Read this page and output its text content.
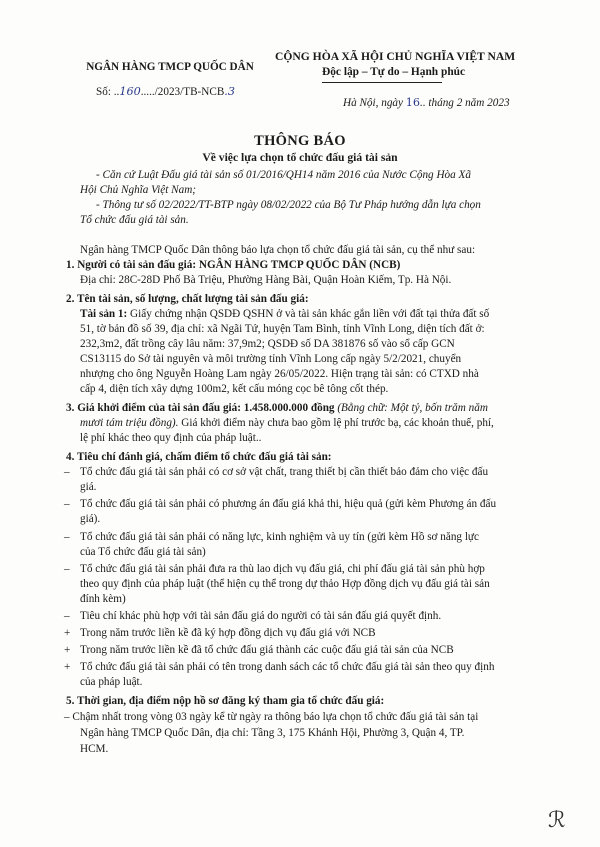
NGÂN HÀNG TMCP QUỐC DÂN
Số: ..160...../2023/TB-NCB.3
CỘNG HÒA XÃ HỘI CHỦ NGHĨA VIỆT NAM
Độc lập – Tự do – Hạnh phúc
Hà Nội, ngày 16.. tháng 2 năm 2023
THÔNG BÁO
Về việc lựa chọn tổ chức đấu giá tài sản
- Căn cứ Luật Đấu giá tài sản số 01/2016/QH14 năm 2016 của Nước Cộng Hòa Xã
Hội Chủ Nghĩa Việt Nam;
- Thông tư số 02/2022/TT-BTP ngày 08/02/2022 của Bộ Tư Pháp hướng dẫn lựa chọn
Tổ chức đấu giá tài sản.
Ngân hàng TMCP Quốc Dân thông báo lựa chọn tổ chức đấu giá tài sản, cụ thể như sau:
1. Người có tài sản đấu giá: NGÂN HÀNG TMCP QUỐC DÂN (NCB)
Địa chỉ: 28C-28D Phố Bà Triệu, Phường Hàng Bài, Quận Hoàn Kiếm, Tp. Hà Nội.
2. Tên tài sản, số lượng, chất lượng tài sản đấu giá:
Tài sản 1: Giấy chứng nhận QSDĐ QSHN ở và tài sản khác gắn liền với đất tại thửa đất số
51, tờ bản đồ số 39, địa chỉ: xã Ngãi Tứ, huyện Tam Bình, tỉnh Vĩnh Long, diện tích đất ở:
232,3m2, đất trồng cây lâu năm: 37,9m2; QSDĐ số DA 381876 số vào sổ cấp GCN
CS13115 do Sở tài nguyên và môi trường tỉnh Vĩnh Long cấp ngày 5/2/2021, chuyển
nhượng cho ông Nguyễn Hoàng Lam ngày 26/05/2022. Hiện trạng tài sản: có CTXD nhà
cấp 4, diện tích xây dựng 100m2, kết cấu móng cọc bê tông cốt thép.
3. Giá khởi điểm của tài sản đấu giá: 1.458.000.000 đồng (Bằng chữ: Một tỷ, bốn trăm năm
mươi tám triệu đồng). Giá khởi điểm này chưa bao gồm lệ phí trước bạ, các khoản thuế, phí,
lệ phí khác theo quy định của pháp luật..
4. Tiêu chí đánh giá, chấm điểm tổ chức đấu giá tài sản:
– Tổ chức đấu giá tài sản phải có cơ sở vật chất, trang thiết bị cần thiết bảo đảm cho việc đấu
giá.
– Tổ chức đấu giá tài sản phải có phương án đấu giá khả thi, hiệu quả (gửi kèm Phương án đấu
giá).
– Tổ chức đấu giá tài sản phải có năng lực, kinh nghiệm và uy tín (gửi kèm Hồ sơ năng lực
của Tổ chức đấu giá tài sản)
– Tổ chức đấu giá tài sản phải đưa ra thù lao dịch vụ đấu giá, chi phí đấu giá tài sản phù hợp
theo quy định của pháp luật (thể hiện cụ thể trong dự thảo Hợp đồng dịch vụ đấu giá tài sản
đính kèm)
– Tiêu chí khác phù hợp với tài sản đấu giá do người có tài sản đấu giá quyết định.
+ Trong năm trước liền kề đã ký hợp đồng dịch vụ đấu giá với NCB
+ Trong năm trước liền kề đã tổ chức đấu giá thành các cuộc đấu giá tài sản của NCB
+ Tổ chức đấu giá tài sản phải có tên trong danh sách các tổ chức đấu giá tài sản theo quy định
của pháp luật.
5. Thời gian, địa điểm nộp hồ sơ đăng ký tham gia tổ chức đấu giá:
– Chậm nhất trong vòng 03 ngày kể từ ngày ra thông báo lựa chọn tổ chức đấu giá tài sản tại
Ngân hàng TMCP Quốc Dân, địa chỉ: Tầng 3, 175 Khánh Hội, Phường 3, Quận 4, TP.
HCM.
ℛ
